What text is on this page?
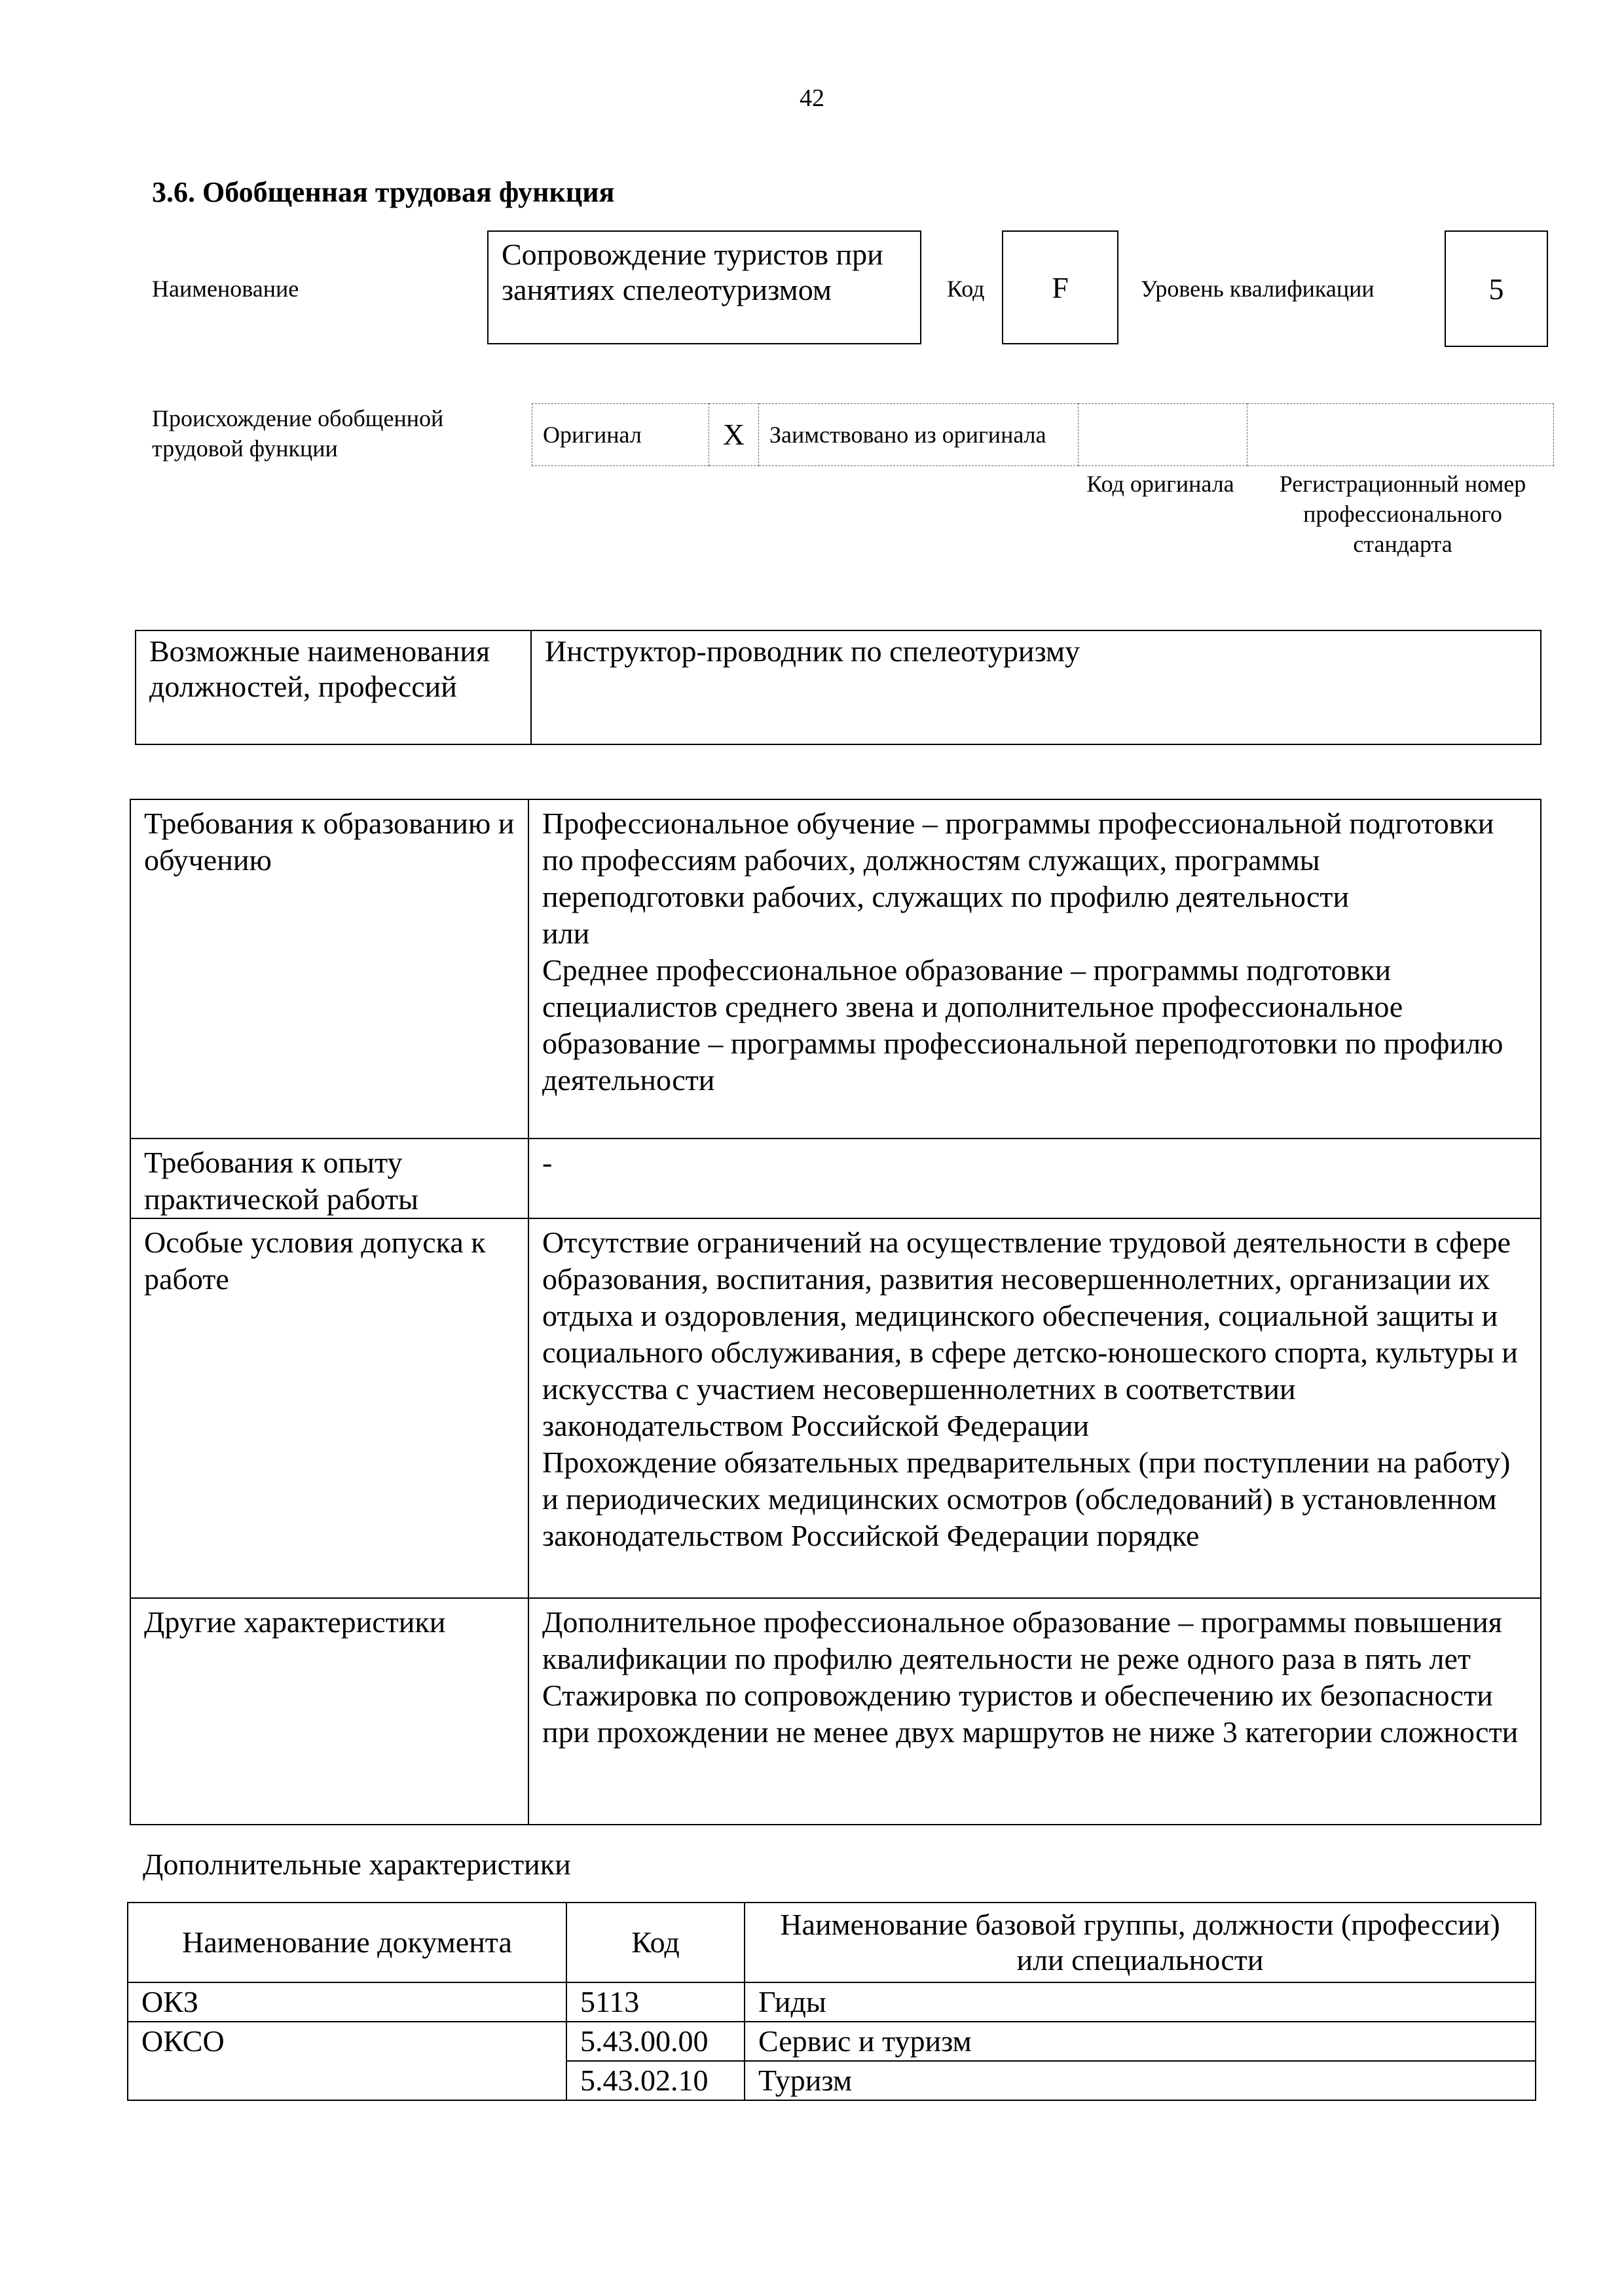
42
3.6. Обобщенная трудовая функция
Наименование
Сопровождение туристов при занятиях спелеотуризмом	Код F	Уровень квалификации	5
Происхождение обобщенной трудовой функции
Оригинал	X	Заимствовано из оригинала		
Код оригинала	Регистрационный номер профессионального стандарта
Возможные наименования должностей, профессий	Инструктор-проводник по спелеотуризму
Требования к образованию и обучению	Профессиональное обучение – программы профессиональной подготовки по профессиям рабочих, должностям служащих, программы переподготовки рабочих, служащих по профилю деятельности
или
Среднее профессиональное образование – программы подготовки специалистов среднего звена и дополнительное профессиональное образование – программы профессиональной переподготовки по профилю деятельности
Требования к опыту практической работы	-
Особые условия допуска к работе	Отсутствие ограничений на осуществление трудовой деятельности в сфере образования, воспитания, развития несовершеннолетних, организации их отдыха и оздоровления, медицинского обеспечения, социальной защиты и социального обслуживания, в сфере детско-юношеского спорта, культуры и искусства с участием несовершеннолетних в соответствии законодательством Российской Федерации
Прохождение обязательных предварительных (при поступлении на работу) и периодических медицинских осмотров (обследований) в установленном законодательством Российской Федерации порядке
Другие характеристики	Дополнительное профессиональное образование – программы повышения квалификации по профилю деятельности не реже одного раза в пять лет
Стажировка по сопровождению туристов и обеспечению их безопасности при прохождении не менее двух маршрутов не ниже 3 категории сложности
Дополнительные характеристики
Наименование документа	Код	Наименование базовой группы, должности (профессии) или специальности
ОКЗ	5113	Гиды
ОКСО	5.43.00.00	Сервис и туризм
	5.43.02.10	Туризм
